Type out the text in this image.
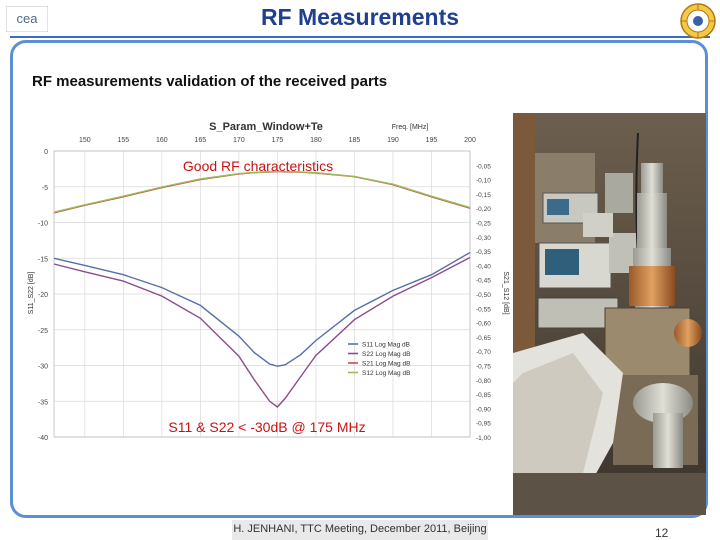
cea	RF Measurements
RF measurements validation of the received parts
S_Param_Window+Te	Freq. [MHz]
150	155	160	165	170	175	180	185	190	195	200
0
-5
-10
-15
-20
-25
-30
-35
-40
-0,05
-0,10
-0,15
-0,20
-0,25
-0,30
-0,35
-0,40
-0,45
-0,50
-0,55
-0,60
-0,65
-0,70
-0,75
-0,80
-0,85
-0,90
-0,95
-1,00
S11_S22 [dB]	S21_S12 [dB]
S11 Log Mag dB
S22 Log Mag dB
S21 Log Mag dB
S12 Log Mag dB
Good RF characteristics
S11 & S22 < -30dB @ 175 MHz
H. JENHANI, TTC Meeting, December 2011, Beijing	12
